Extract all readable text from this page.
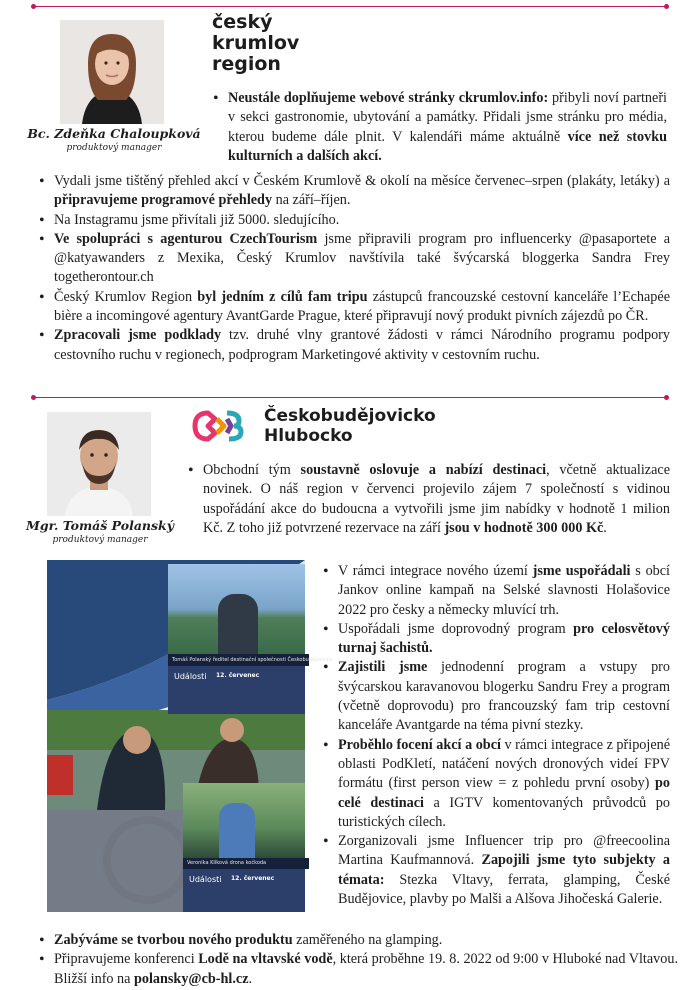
Bc. Zdeňka Chaloupková
produktový manager
český
krumlov
region
• Neustále doplňujeme webové stránky ckrumlov.info: přibyli noví partneři v sekci gastronomie, ubytování a památky. Přidali jsme stránku pro média, kterou budeme dále plnit. V kalendáři máme aktuálně více než stovku kulturních a dalších akcí.
• Vydali jsme tištěný přehled akcí v Českém Krumlově & okolí na měsíce červenec–srpen (plakáty, letáky) a připravujeme programové přehledy na září–říjen.
• Na Instagramu jsme přivítali již 5000. sledujícího.
• Ve spolupráci s agenturou CzechTourism jsme připravili program pro influencerky @pasaportete a @katyawanders z Mexika, Český Krumlov navštívila také švýcarská bloggerka Sandra Frey togetherontour.ch
• Český Krumlov Region byl jedním z cílů fam tripu zástupců francouzské cestovní kanceláře l’Echapée bière a incomingové agentury AvantGarde Prague, které připravují nový produkt pivních zájezdů po ČR.
• Zpracovali jsme podklady tzv. druhé vlny grantové žádosti v rámci Národního programu podpory cestovního ruchu v regionech, podprogram Marketingové aktivity v cestovním ruchu.
Mgr. Tomáš Polanský
produktový manager
Českobudějovicko
Hlubocko
• Obchodní tým soustavně oslovuje a nabízí destinaci, včetně aktualizace novinek. O náš region v červenci projevilo zájem 7 společností s vidinou uspořádání akce do budoucna a vytvořili jsme jim nabídky v hodnotě 1 milion Kč. Z toho již potvrzené rezervace na září jsou v hodnotě 300 000 Kč.
Tomáš Polanský ředitel destinační společnosti Českobudějovicko
Události 12. červenec
Veronika Klíková drona kočkoda
Události 12. červenec
• V rámci integrace nového území jsme uspořádali s obcí Jankov online kampaň na Selské slavnosti Holašovice 2022 pro česky a německy mluvící trh.
• Uspořádali jsme doprovodný program pro celosvětový turnaj šachistů.
• Zajistili jsme jednodenní program a vstupy pro švýcarskou karavanovou blogerku Sandru Frey a program (včetně doprovodu) pro francouzský fam trip cestovní kanceláře Avantgarde na téma pivní stezky.
• Proběhlo focení akcí a obcí v rámci integrace z připojené oblasti PodKletí, natáčení nových dronových videí FPV formátu (first person view = z pohledu první osoby) po celé destinaci a IGTV komentovaných průvodců po turistických cílech.
• Zorganizovali jsme Influencer trip pro @freecoolina Martina Kaufmannová. Zapojili jsme tyto subjekty a témata: Stezka Vltavy, ferrata, glamping, České Budějovice, plavby po Malši a Alšova Jihočeská Galerie.
• Zabýváme se tvorbou nového produktu zaměřeného na glamping.
• Připravujeme konferenci Lodě na vltavské vodě, která proběhne 19. 8. 2022 od 9:00 v Hluboké nad Vltavou. Bližší info na polansky@cb-hl.cz.
